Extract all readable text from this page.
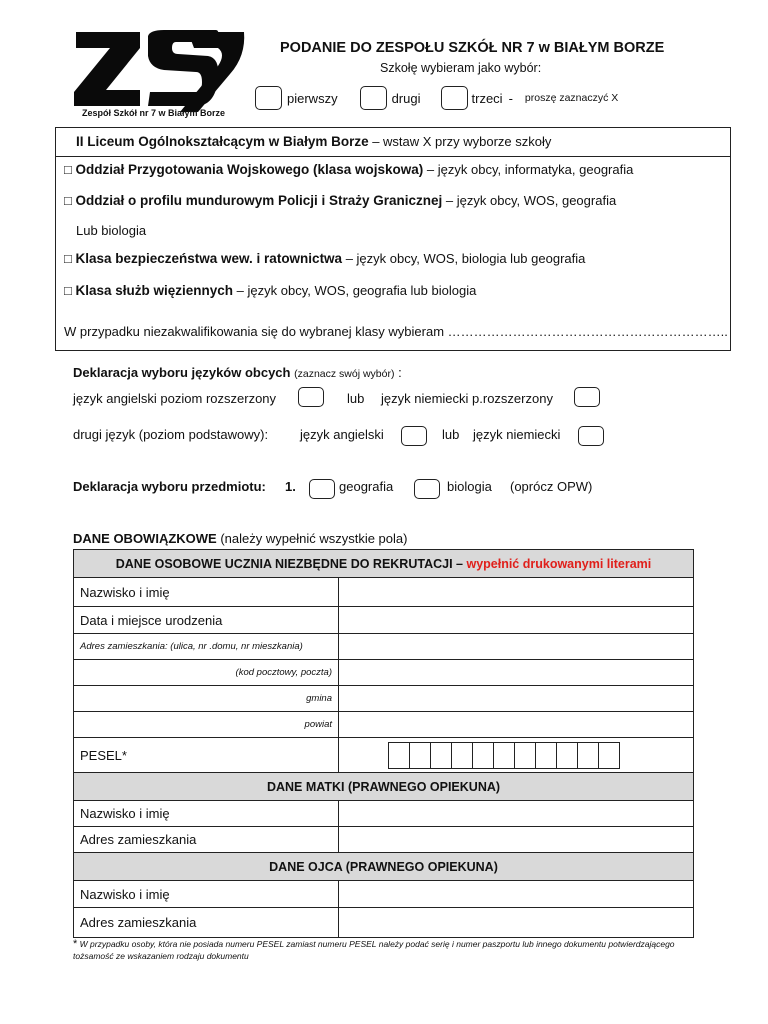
Zespół Szkół nr 7 w Białym Borze
PODANIE DO ZESPOŁU SZKÓŁ NR 7 w BIAŁYM BORZE
Szkołę wybieram jako wybór:
pierwszy	drugi	trzeci - proszę zaznaczyć X
II Liceum Ogólnokształcącym w Białym Borze – wstaw X przy wyborze szkoły
□ Oddział Przygotowania Wojskowego (klasa wojskowa) – język obcy, informatyka, geografia
□ Oddział o profilu mundurowym Policji i Straży Granicznej – język obcy, WOS, geografia
Lub biologia
□ Klasa bezpieczeństwa wew. i ratownictwa – język obcy, WOS, biologia lub geografia
□ Klasa służb więziennych – język obcy, WOS, geografia lub biologia
W przypadku niezakwalifikowania się do wybranej klasy wybieram ………………………………………………………..
Deklaracja wyboru języków obcych (zaznacz swój wybór) :
język angielski poziom rozszerzony	lub język niemiecki p.rozszerzony
drugi język (poziom podstawowy): język angielski	lub język niemiecki
Deklaracja wyboru przedmiotu: 1.	geografia	biologia (oprócz OPW)
DANE OBOWIĄZKOWE (należy wypełnić wszystkie pola)
DANE OSOBOWE UCZNIA NIEZBĘDNE DO REKRUTACJI – wypełnić drukowanymi literami	
Nazwisko i imię	
Data i miejsce urodzenia	
Adres zamieszkania: (ulica, nr .domu, nr mieszkania)	
(kod pocztowy, poczta)	
gmina	
powiat	
PESEL*	

DANE MATKI (PRAWNEGO OPIEKUNA)	
Nazwisko i imię	
Adres zamieszkania	
DANE OJCA (PRAWNEGO OPIEKUNA)	
Nazwisko i imię	
Adres zamieszkania	
* W przypadku osoby, która nie posiada numeru PESEL zamiast numeru PESEL należy podać serię i numer paszportu lub innego dokumentu potwierdzającego tożsamość ze wskazaniem rodzaju dokumentu
